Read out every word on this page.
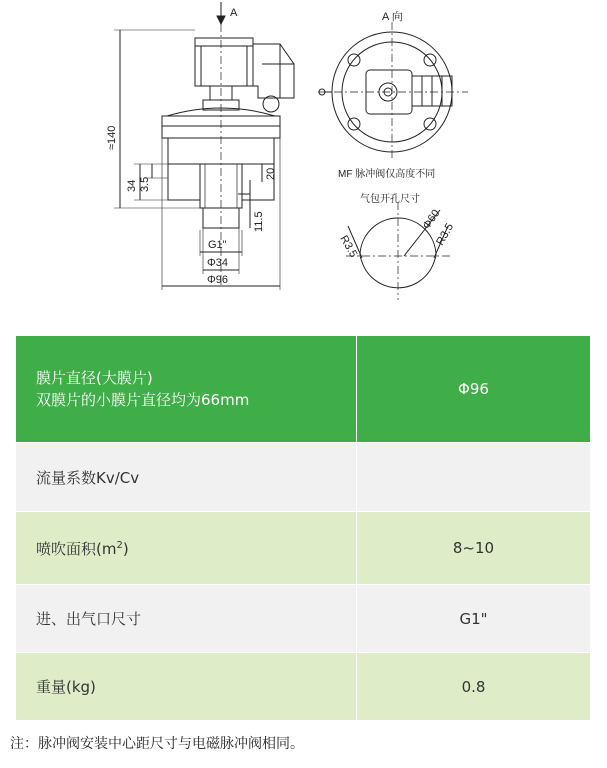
A	A 向
≈140
34 3.5
20
11.5
G1"
Φ34
Φ96
MF 脉冲阀仅高度不同
气包开孔尺寸
R3.5	R3.5
Φ60
膜片直径(大膜片)
双膜片的小膜片直径均为66mm	Φ96
流量系数Kv/Cv	
喷吹面积$(m^2)$	8~10
进、出气口尺寸	G1"
重量(kg)	0.8
注：脉冲阀安装中心距尺寸与电磁脉冲阀相同。
